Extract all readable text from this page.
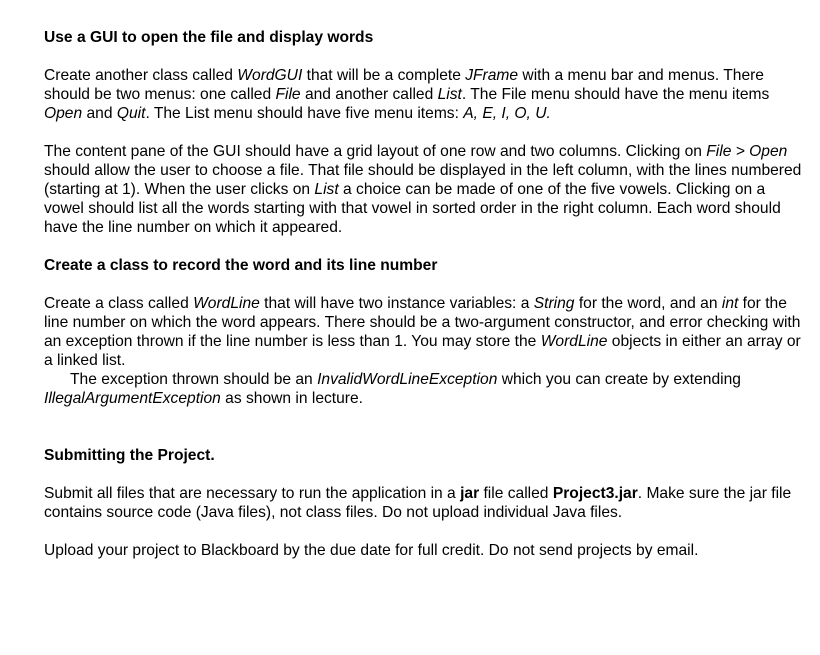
Use a GUI to open the file and display words

Create another class called WordGUI that will be a complete JFrame with a menu bar and menus. There should be two menus: one called File and another called List. The File menu should have the menu items Open and Quit. The List menu should have five menu items: A, E, I, O, U.

The content pane of the GUI should have a grid layout of one row and two columns. Clicking on File > Open should allow the user to choose a file. That file should be displayed in the left column, with the lines numbered (starting at 1). When the user clicks on List a choice can be made of one of the five vowels. Clicking on a vowel should list all the words starting with that vowel in sorted order in the right column. Each word should have the line number on which it appeared.

Create a class to record the word and its line number

Create a class called WordLine that will have two instance variables: a String for the word, and an int for the line number on which the word appears. There should be a two-argument constructor, and error checking with an exception thrown if the line number is less than 1. You may store the WordLine objects in either an array or a linked list.

The exception thrown should be an InvalidWordLineException which you can create by extending IllegalArgumentException as shown in lecture.

Submitting the Project.

Submit all files that are necessary to run the application in a jar file called Project3.jar. Make sure the jar file contains source code (Java files), not class files. Do not upload individual Java files.

Upload your project to Blackboard by the due date for full credit. Do not send projects by email.
